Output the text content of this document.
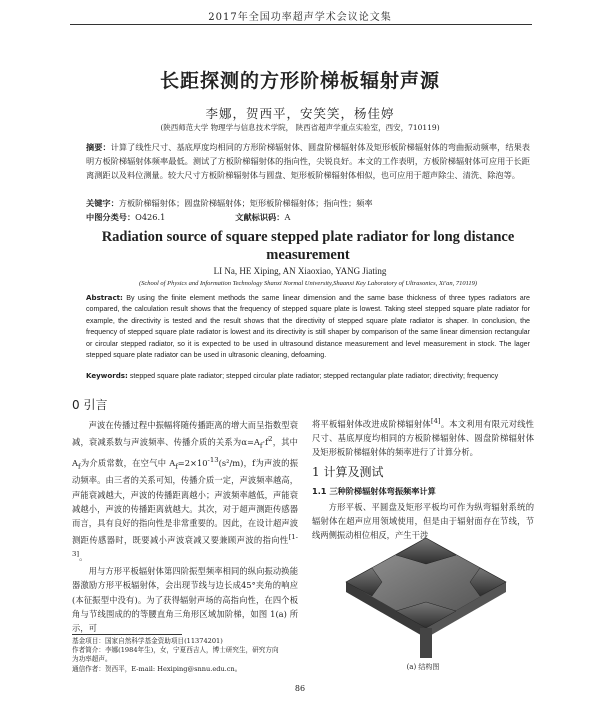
2017年全国功率超声学术会议论文集
长距探测的方形阶梯板辐射声源
李娜，贺西平，安笑笑，杨佳婷
(陕西师范大学 物理学与信息技术学院， 陕西省超声学重点实验室，西安，710119)
摘要：计算了线性尺寸、基底厚度均相同的方形阶梯辐射体、圆盘阶梯辐射体及矩形板阶梯辐射体的弯曲振动频率，结果表明方板阶梯辐射体频率最低。测试了方板阶梯辐射体的指向性，尖锐良好。本文的工作表明，方板阶梯辐射体可应用于长距离测距以及料位测量。较大尺寸方板阶梯辐射体与圆盘、矩形板阶梯辐射体相似，也可应用于超声除尘、清洗、除泡等。
关键字：方板阶梯辐射体；圆盘阶梯辐射体；矩形板阶梯辐射体；指向性；频率
中图分类号：O426.1	文献标识码：A
Radiation source of square stepped plate radiator for long distance measurement
LI Na, HE Xiping, AN Xiaoxiao, YANG Jiating
(School of Physics and Information Technology Shanxi Normal University,Shaanxi Key Laboratory of Ultrasonics, Xi'an, 710119)
Abstract: By using the finite element methods the same linear dimension and the same base thickness of three types radiators are compared, the calculation result shows that the frequency of stepped square plate is lowest. Taking steel stepped square plate radiator for example, the directivity is tested and the result shows that the directivity of stepped square plate radiator is shaper. In conclusion, the frequency of stepped square plate radiator is lowest and its directivity is still shaper by comparison of the same linear dimension rectangular or circular stepped radiator, so it is expected to be used in ultrasound distance measurement and level measurement in stock. The lager stepped square plate radiator can be used in ultrasonic cleaning, defoaming.
Keywords: stepped square plate radiator; stepped circular plate radiator; stepped rectangular plate radiator; directivity; frequency
0 引言

声波在传播过程中振幅将随传播距离的增大而呈指数型衰减，衰减系数与声波频率、传播介质的关系为$\alpha=A_f\cdot f^2$，其中 $A_f$为介质常数，在空气中 $A_f=2\times 10^{-13}(s^2/m)$，f为声波的振动频率。由三者的关系可知，传播介质一定，声波频率越高，声能衰减越大，声波的传播距离越小；声波频率越低，声能衰减越小，声波的传播距离就越大。其次，对于超声测距传感器而言，具有良好的指向性是非常重要的。因此，在设计超声波测距传感器时，既要减小声波衰减又要兼顾声波的指向性[1-3]。

用与方形平板辐射体第四阶振型频率相同的纵向振动换能器激励方形平板辐射体，会出现节线与边长成45°夹角的响应(本征振型中没有)。为了获得辐射声场的高指向性，在四个板角与节线围成的的等腰直角三角形区域加阶梯，如图 1(a) 所示，可

将平板辐射体改进成阶梯辐射体[4]。本文利用有限元对线性尺寸、基底厚度均相同的方板阶梯辐射体、圆盘阶梯辐射体及矩形板阶梯辐射体的频率进行了计算分析。

1 计算及测试

1.1 三种阶梯辐射体弯振频率计算

方形平板、平圆盘及矩形平板均可作为纵弯辐射系统的辐射体在超声应用领域使用，但是由于辐射面存在节线，节线两侧振动相位相反，产生干涉

(a) 结构图
基金项目：国家自然科学基金资助项目(11374201)
作者简介：李娜(1984年生)，女，宁夏西吉人，博士研究生，研究方向
为功率超声。
通信作者：贺西平，E-mail: Hexiping@snnu.edu.cn。
86
